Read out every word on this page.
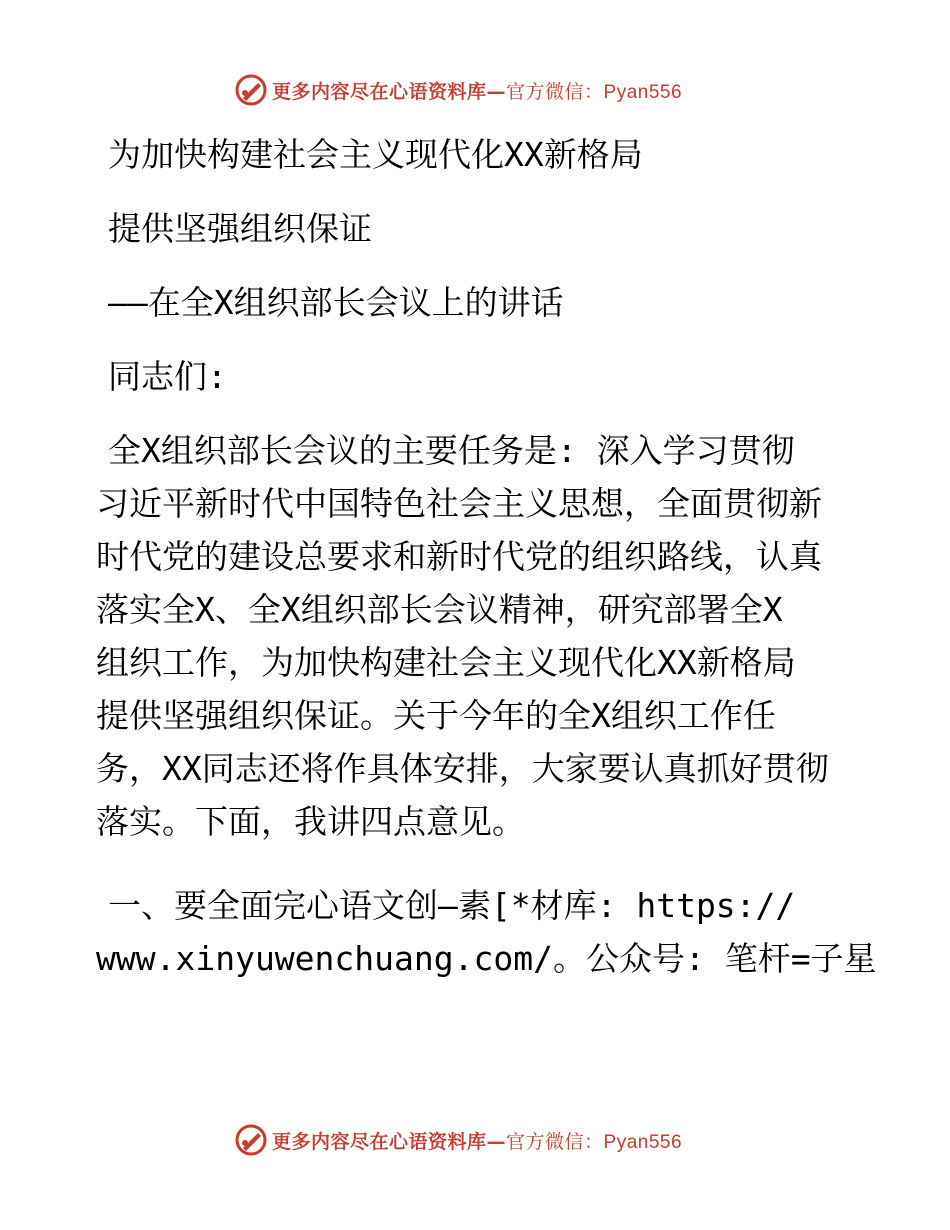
更多内容尽在心语资料库—官方微信：Pyan556
为加快构建社会主义现代化XX新格局
提供坚强组织保证
——在全X组织部长会议上的讲话
同志们:
全X组织部长会议的主要任务是: 深入学习贯彻
习近平新时代中国特色社会主义思想，全面贯彻新
时代党的建设总要求和新时代党的组织路线，认真
落实全X、全X组织部长会议精神，研究部署全X
组织工作，为加快构建社会主义现代化XX新格局
提供坚强组织保证。关于今年的全X组织工作任
务，XX同志还将作具体安排，大家要认真抓好贯彻
落实。下面，我讲四点意见。
一、要全面完心语文创—素[*材库: https://
www.xinyuwenchuang.com/。公众号: 笔杆=子星
更多内容尽在心语资料库—官方微信：Pyan556
